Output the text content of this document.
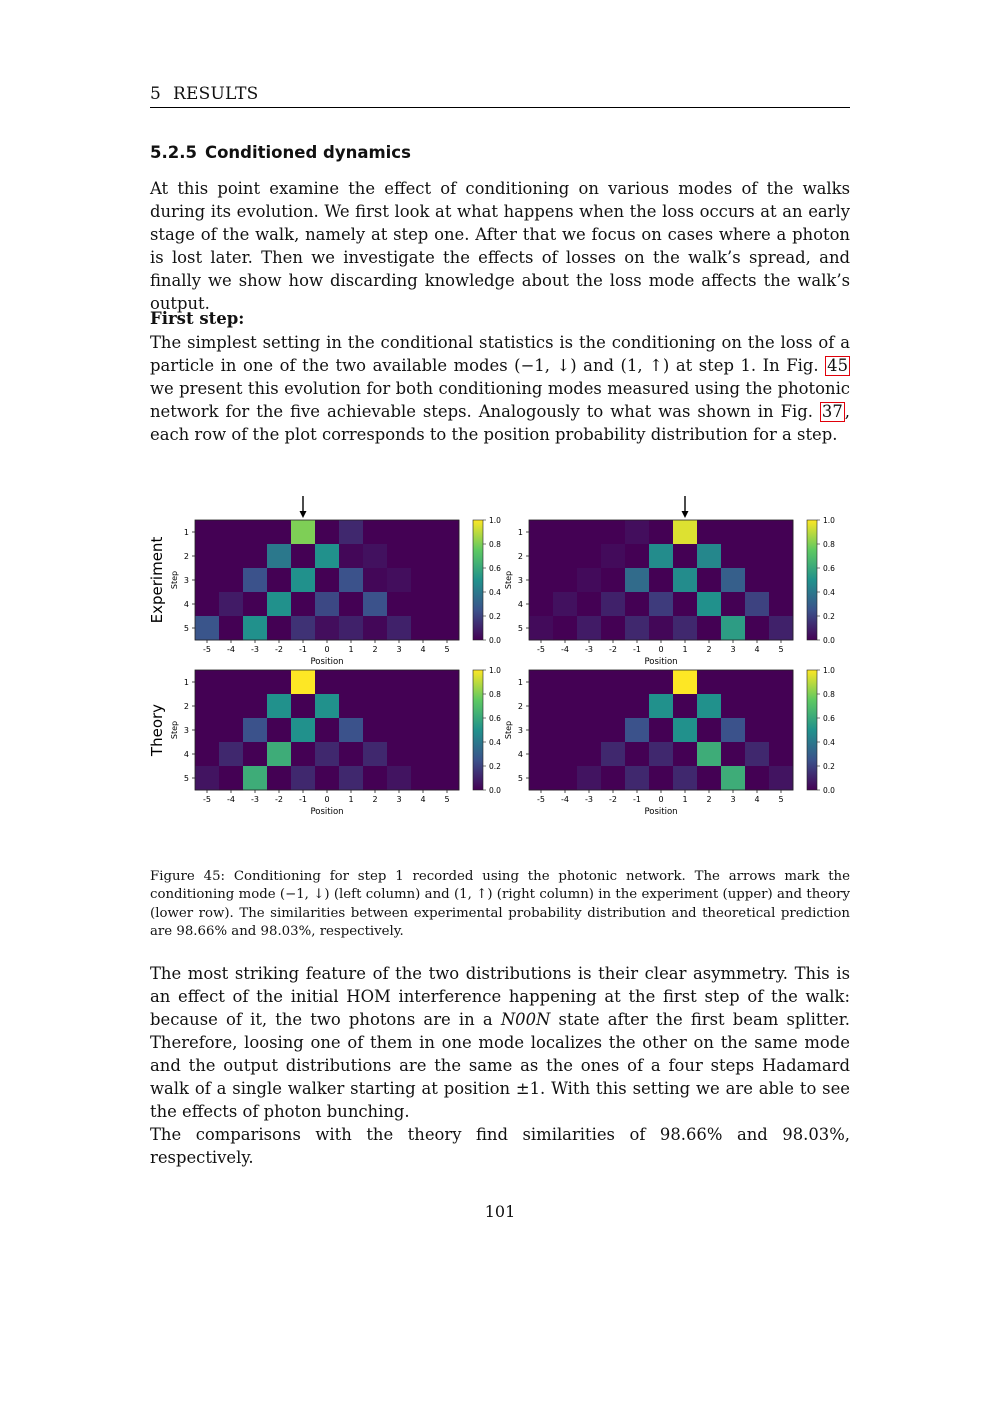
5 RESULTS
5.2.5 Conditioned dynamics
At this point examine the effect of conditioning on various modes of the walks during its evolution. We first look at what happens when the loss occurs at an early stage of the walk, namely at step one. After that we focus on cases where a photon is lost later. Then we investigate the effects of losses on the walk’s spread, and finally we show how discarding knowledge about the loss mode affects the walk’s output.
First step:
The simplest setting in the conditional statistics is the conditioning on the loss of a particle in one of the two available modes (−1, ↓) and (1, ↑) at step 1. In Fig. 45 we present this evolution for both conditioning modes measured using the photonic network for the five achievable steps. Analogously to what was shown in Fig. 37 , each row of the plot corresponds to the position probability distribution for a step.
Experiment
Theory
-5 -4 -3 -2 -1 0 1 2 3 4 5
1
2
3
4
5
Position
Step
0.0
0.2
0.4
0.6
0.8
1.0
-5 -4 -3 -2 -1 0 1 2 3 4 5
1
2
3
4
5
Position
Step
0.0
0.2
0.4
0.6
0.8
1.0
-5 -4 -3 -2 -1 0 1 2 3 4 5
1
2
3
4
5
Position
Step
0.0
0.2
0.4
0.6
0.8
1.0
-5 -4 -3 -2 -1 0 1 2 3 4 5
1
2
3
4
5
Position
Step
0.0
0.2
0.4
0.6
0.8
1.0
Figure 45: Conditioning for step 1 recorded using the photonic network. The arrows mark the conditioning mode (−1, ↓) (left column) and (1, ↑) (right column) in the experiment (upper) and theory (lower row). The similarities between experimental probability distribution and theoretical prediction are 98.66% and 98.03%, respectively.
The most striking feature of the two distributions is their clear asymmetry. This is an effect of the initial HOM interference happening at the first step of the walk: because of it, the two photons are in a N00N state after the first beam splitter. Therefore, loosing one of them in one mode localizes the other on the same mode and the output distributions are the same as the ones of a four steps Hadamard walk of a single walker starting at position ±1. With this setting we are able to see the effects of photon bunching.
The comparisons with the theory find similarities of 98.66% and 98.03%, respectively.
101
